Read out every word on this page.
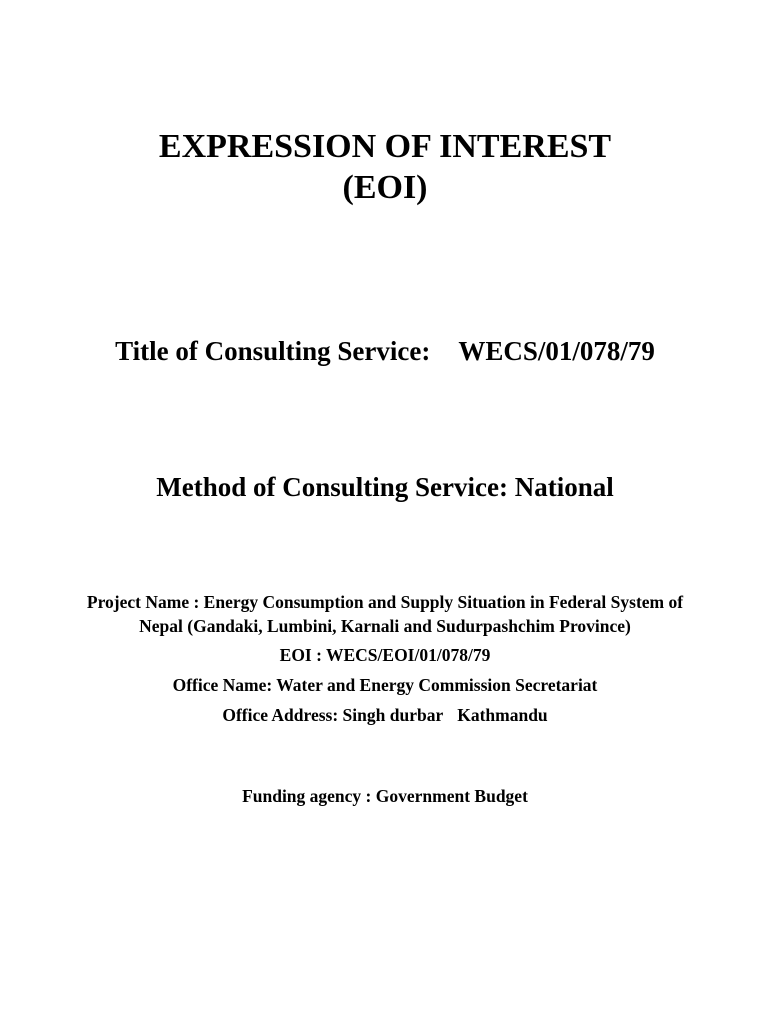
EXPRESSION OF INTEREST
(EOI)
Title of Consulting Service: WECS/01/078/79
Method of Consulting Service: National
Project Name : Energy Consumption and Supply Situation in Federal System of
Nepal (Gandaki, Lumbini, Karnali and Sudurpashchim Province)
EOI : WECS/EOI/01/078/79
Office Name: Water and Energy Commission Secretariat
Office Address: Singh durbar Kathmandu
Funding agency : Government Budget
